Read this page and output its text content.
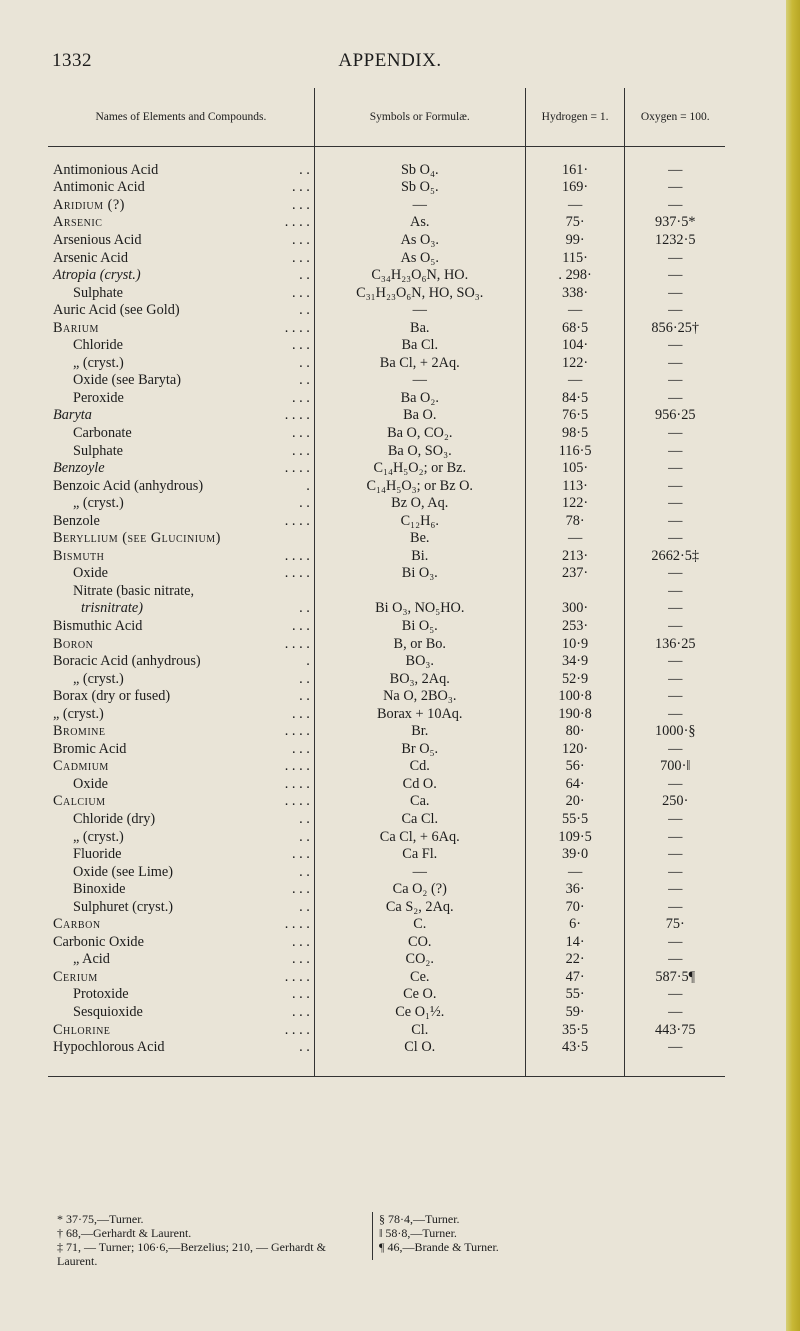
1332	APPENDIX.
Names of Elements and Compounds.	Symbols or Formulæ.	Hydrogen = 1.	Oxygen = 100.

Antimonious Acid . .	Sb O₄.	161·	—
Antimonic Acid . . .	Sb O₅.	169·	—
Aridium (?) . . .	—	—	—
Arsenic . . . .	As.	75·	937·5*
Arsenious Acid . . .	As O₃.	99·	1232·5
Arsenic Acid . . .	As O₅.	115·	—
Atropia (cryst.) . .	C₃₄H₂₃O₆N, HO.	. 298·	—
Sulphate . . .	C₃₁H₂₃O₆N, HO, SO₃.	338·	—
Auric Acid (see Gold) . .	—	—	—
Barium . . . .	Ba.	68·5	856·25†
Chloride . . .	Ba Cl.	104·	—
„ (cryst.) . .	Ba Cl, + 2Aq.	122·	—
Oxide (see Baryta) . .	—	—	—
Peroxide . . .	Ba O₂.	84·5	—
Baryta . . . .	Ba O.	76·5	956·25
Carbonate . . .	Ba O, CO₂.	98·5	—
Sulphate . . .	Ba O, SO₃.	116·5	—
Benzoyle . . . .	C₁₄H₅O₂; or Bz.	105·	—
Benzoic Acid (anhydrous) .	C₁₄H₅O₃; or Bz O.	113·	—
„ (cryst.) . .	Bz O, Aq.	122·	—
Benzole . . . .	C₁₂H₆.	78·	—
Beryllium (see Glucinium)	Be.	—	—
Bismuth . . . .	Bi.	213·	2662·5‡
Oxide . . . .	Bi O₃.	237·	—
Nitrate (basic nitrate,			—
trisnitrate) . .	Bi O₃, NO₅HO.	300·	—
Bismuthic Acid . . .	Bi O₅.	253·	—
Boron . . . .	B, or Bo.	10·9	136·25
Boracic Acid (anhydrous) .	BO₃.	34·9	—
„ (cryst.) . .	BO₃, 2Aq.	52·9	—
Borax (dry or fused) . .	Na O, 2BO₃.	100·8	—
„ (cryst.) . . .	Borax + 10Aq.	190·8	—
Bromine . . . .	Br.	80·	1000·§
Bromic Acid . . .	Br O₅.	120·	—
Cadmium . . . .	Cd.	56·	700·‖
Oxide . . . .	Cd O.	64·	—
Calcium . . . .	Ca.	20·	250·
Chloride (dry) . .	Ca Cl.	55·5	—
„ (cryst.) . .	Ca Cl, + 6Aq.	109·5	—
Fluoride . . .	Ca Fl.	39·0	—
Oxide (see Lime) . .	—	—	—
Binoxide . . .	Ca O₂ (?)	36·	—
Sulphuret (cryst.) . .	Ca S₂, 2Aq.	70·	—
Carbon . . . .	C.	6·	75·
Carbonic Oxide . . .	CO.	14·	—
„ Acid . . .	CO₂.	22·	—
Cerium . . . .	Ce.	47·	587·5¶
Protoxide . . .	Ce O.	55·	—
Sesquioxide . . .	Ce O₁½.	59·	—
Chlorine . . . .	Cl.	35·5	443·75
Hypochlorous Acid . .	Cl O.	43·5	—

* 37·75,—Turner.

† 68,—Gerhardt & Laurent.

‡ 71, — Turner; 106·6,—Berzelius; 210, — Gerhardt & Laurent.

§ 78·4,—Turner.

‖ 58·8,—Turner.

¶ 46,—Brande & Turner.
